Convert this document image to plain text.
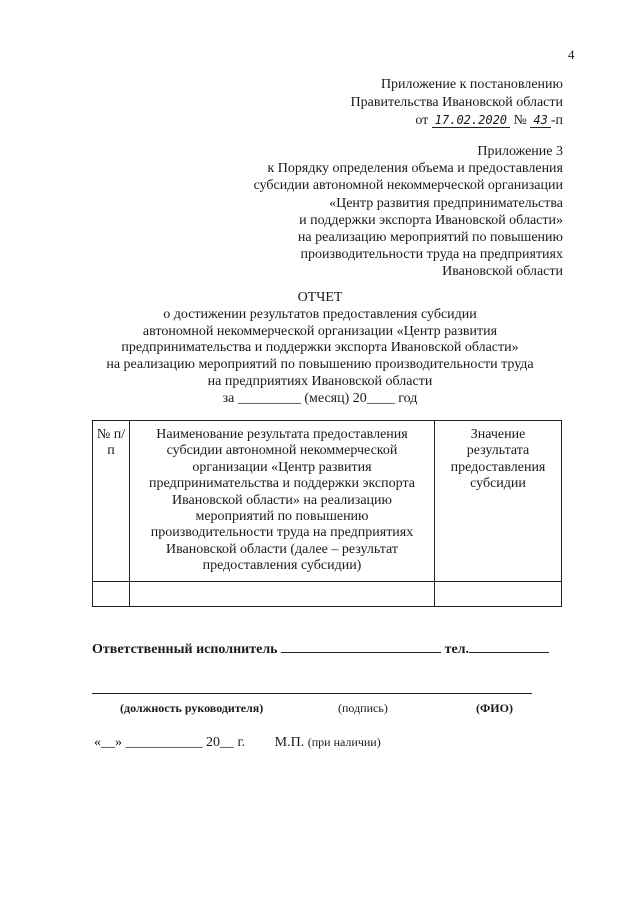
4
Приложение к постановлению
Правительства Ивановской области
от 17.02.2020 № 43 -п
Приложение 3
к Порядку определения объема и предоставления
субсидии автономной некоммерческой организации
«Центр развития предпринимательства
и поддержки экспорта Ивановской области»
на реализацию мероприятий по повышению
производительности труда на предприятиях
Ивановской области
ОТЧЕТ
о достижении результатов предоставления субсидии
автономной некоммерческой организации «Центр развития
предпринимательства и поддержки экспорта Ивановской области»
на реализацию мероприятий по повышению производительности труда
на предприятиях Ивановской области
за _________ (месяц) 20____ год
№ п/п	Наименование результата предоставления субсидии автономной некоммерческой организации «Центр развития предпринимательства и поддержки экспорта Ивановской области» на реализацию мероприятий по повышению производительности труда на предприятиях Ивановской области (далее – результат предоставления субсидии)	Значение результата предоставления субсидии

Ответственный исполнитель	тел.
(должность руководителя)	(подпись)	(ФИО)
«__» ___________ 20__ г. М.П. (при наличии)
